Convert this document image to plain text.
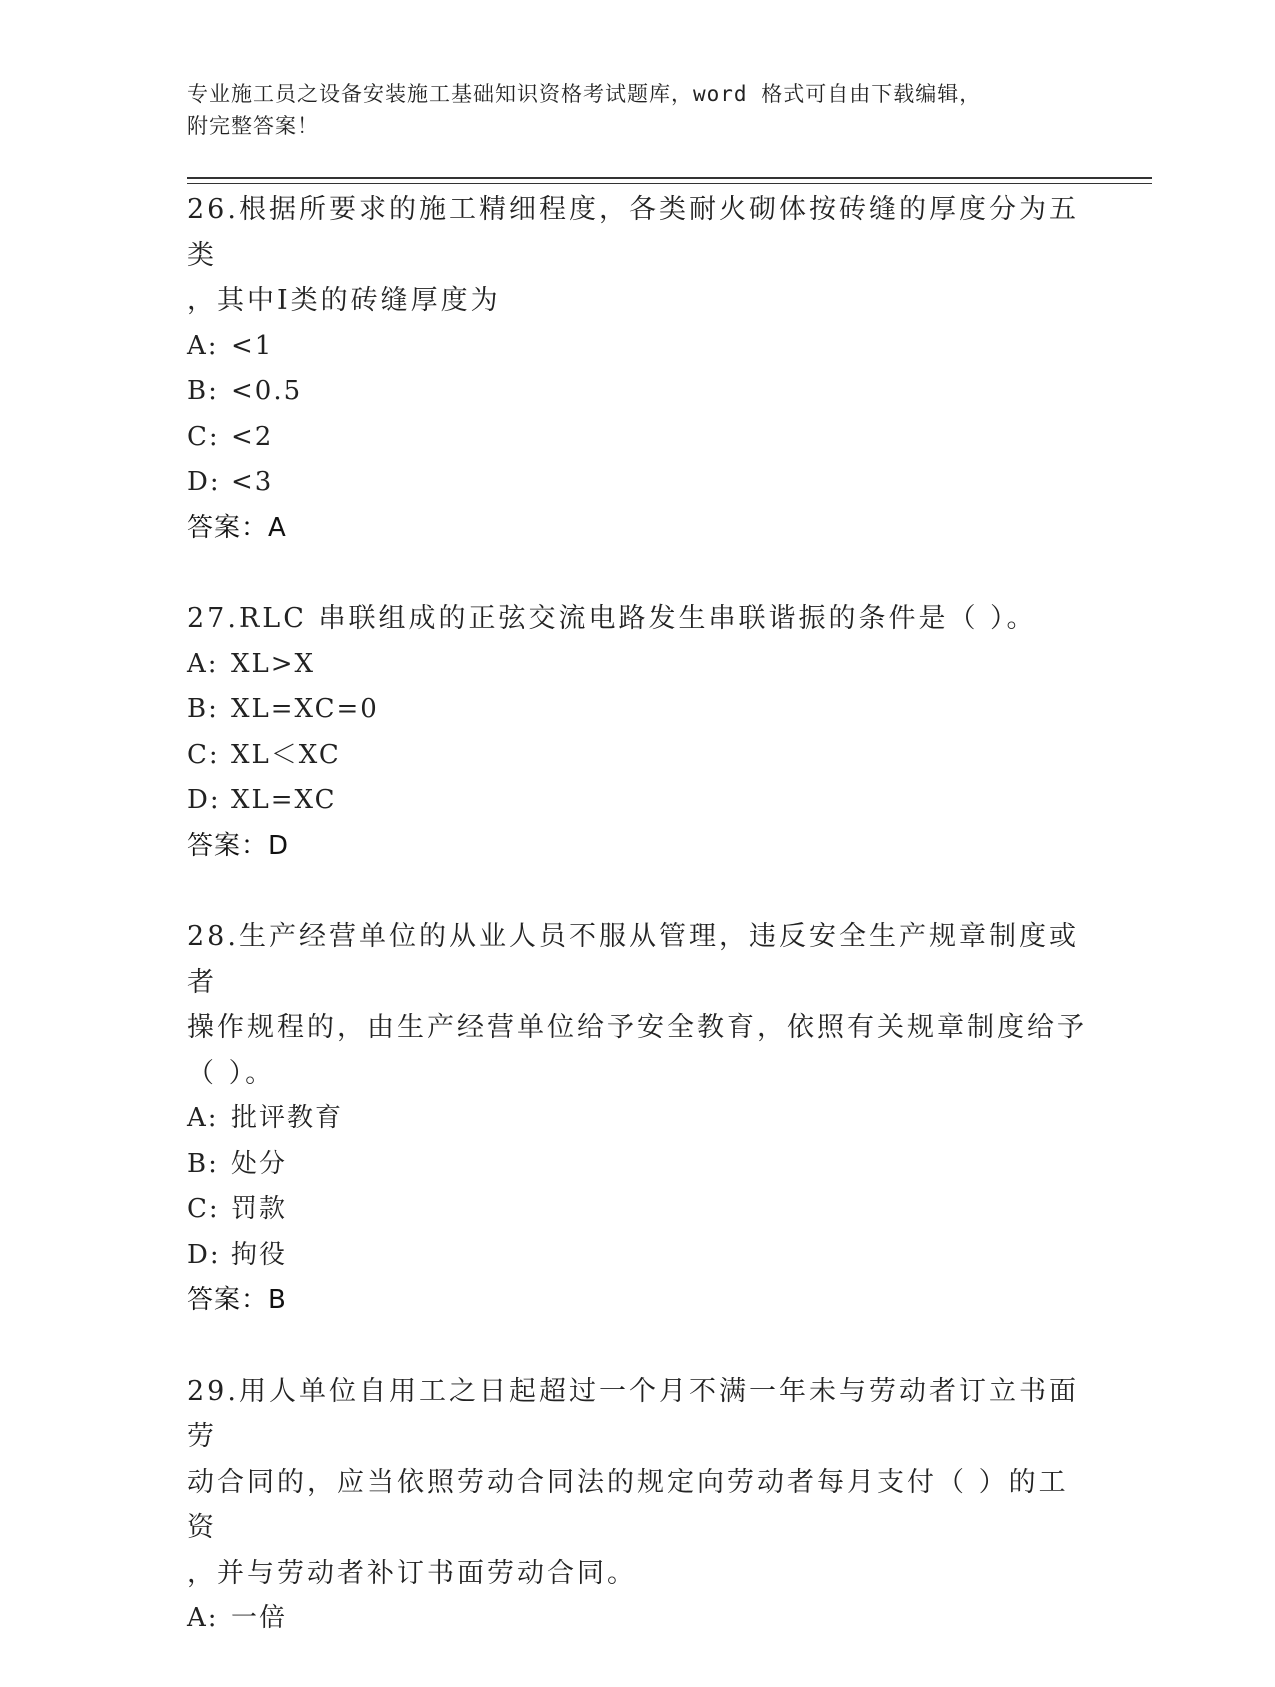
专业施工员之设备安装施工基础知识资格考试题库，word 格式可自由下载编辑，
附完整答案！

26.根据所要求的施工精细程度，各类耐火砌体按砖缝的厚度分为五类
，其中Ⅰ类的砖缝厚度为

A: <1
B: <0.5
C: <2
D: <3
答案：A

27.RLC 串联组成的正弦交流电路发生串联谐振的条件是（ ）。

A: XL>X
B: XL=XC=0
C: XL＜XC
D: XL=XC
答案：D

28.生产经营单位的从业人员不服从管理，违反安全生产规章制度或者
操作规程的，由生产经营单位给予安全教育，依照有关规章制度给予
（ ）。

A: 批评教育
B: 处分
C: 罚款
D: 拘役
答案：B

29.用人单位自用工之日起超过一个月不满一年未与劳动者订立书面劳
动合同的，应当依照劳动合同法的规定向劳动者每月支付（ ）的工资
，并与劳动者补订书面劳动合同。

A: 一倍
